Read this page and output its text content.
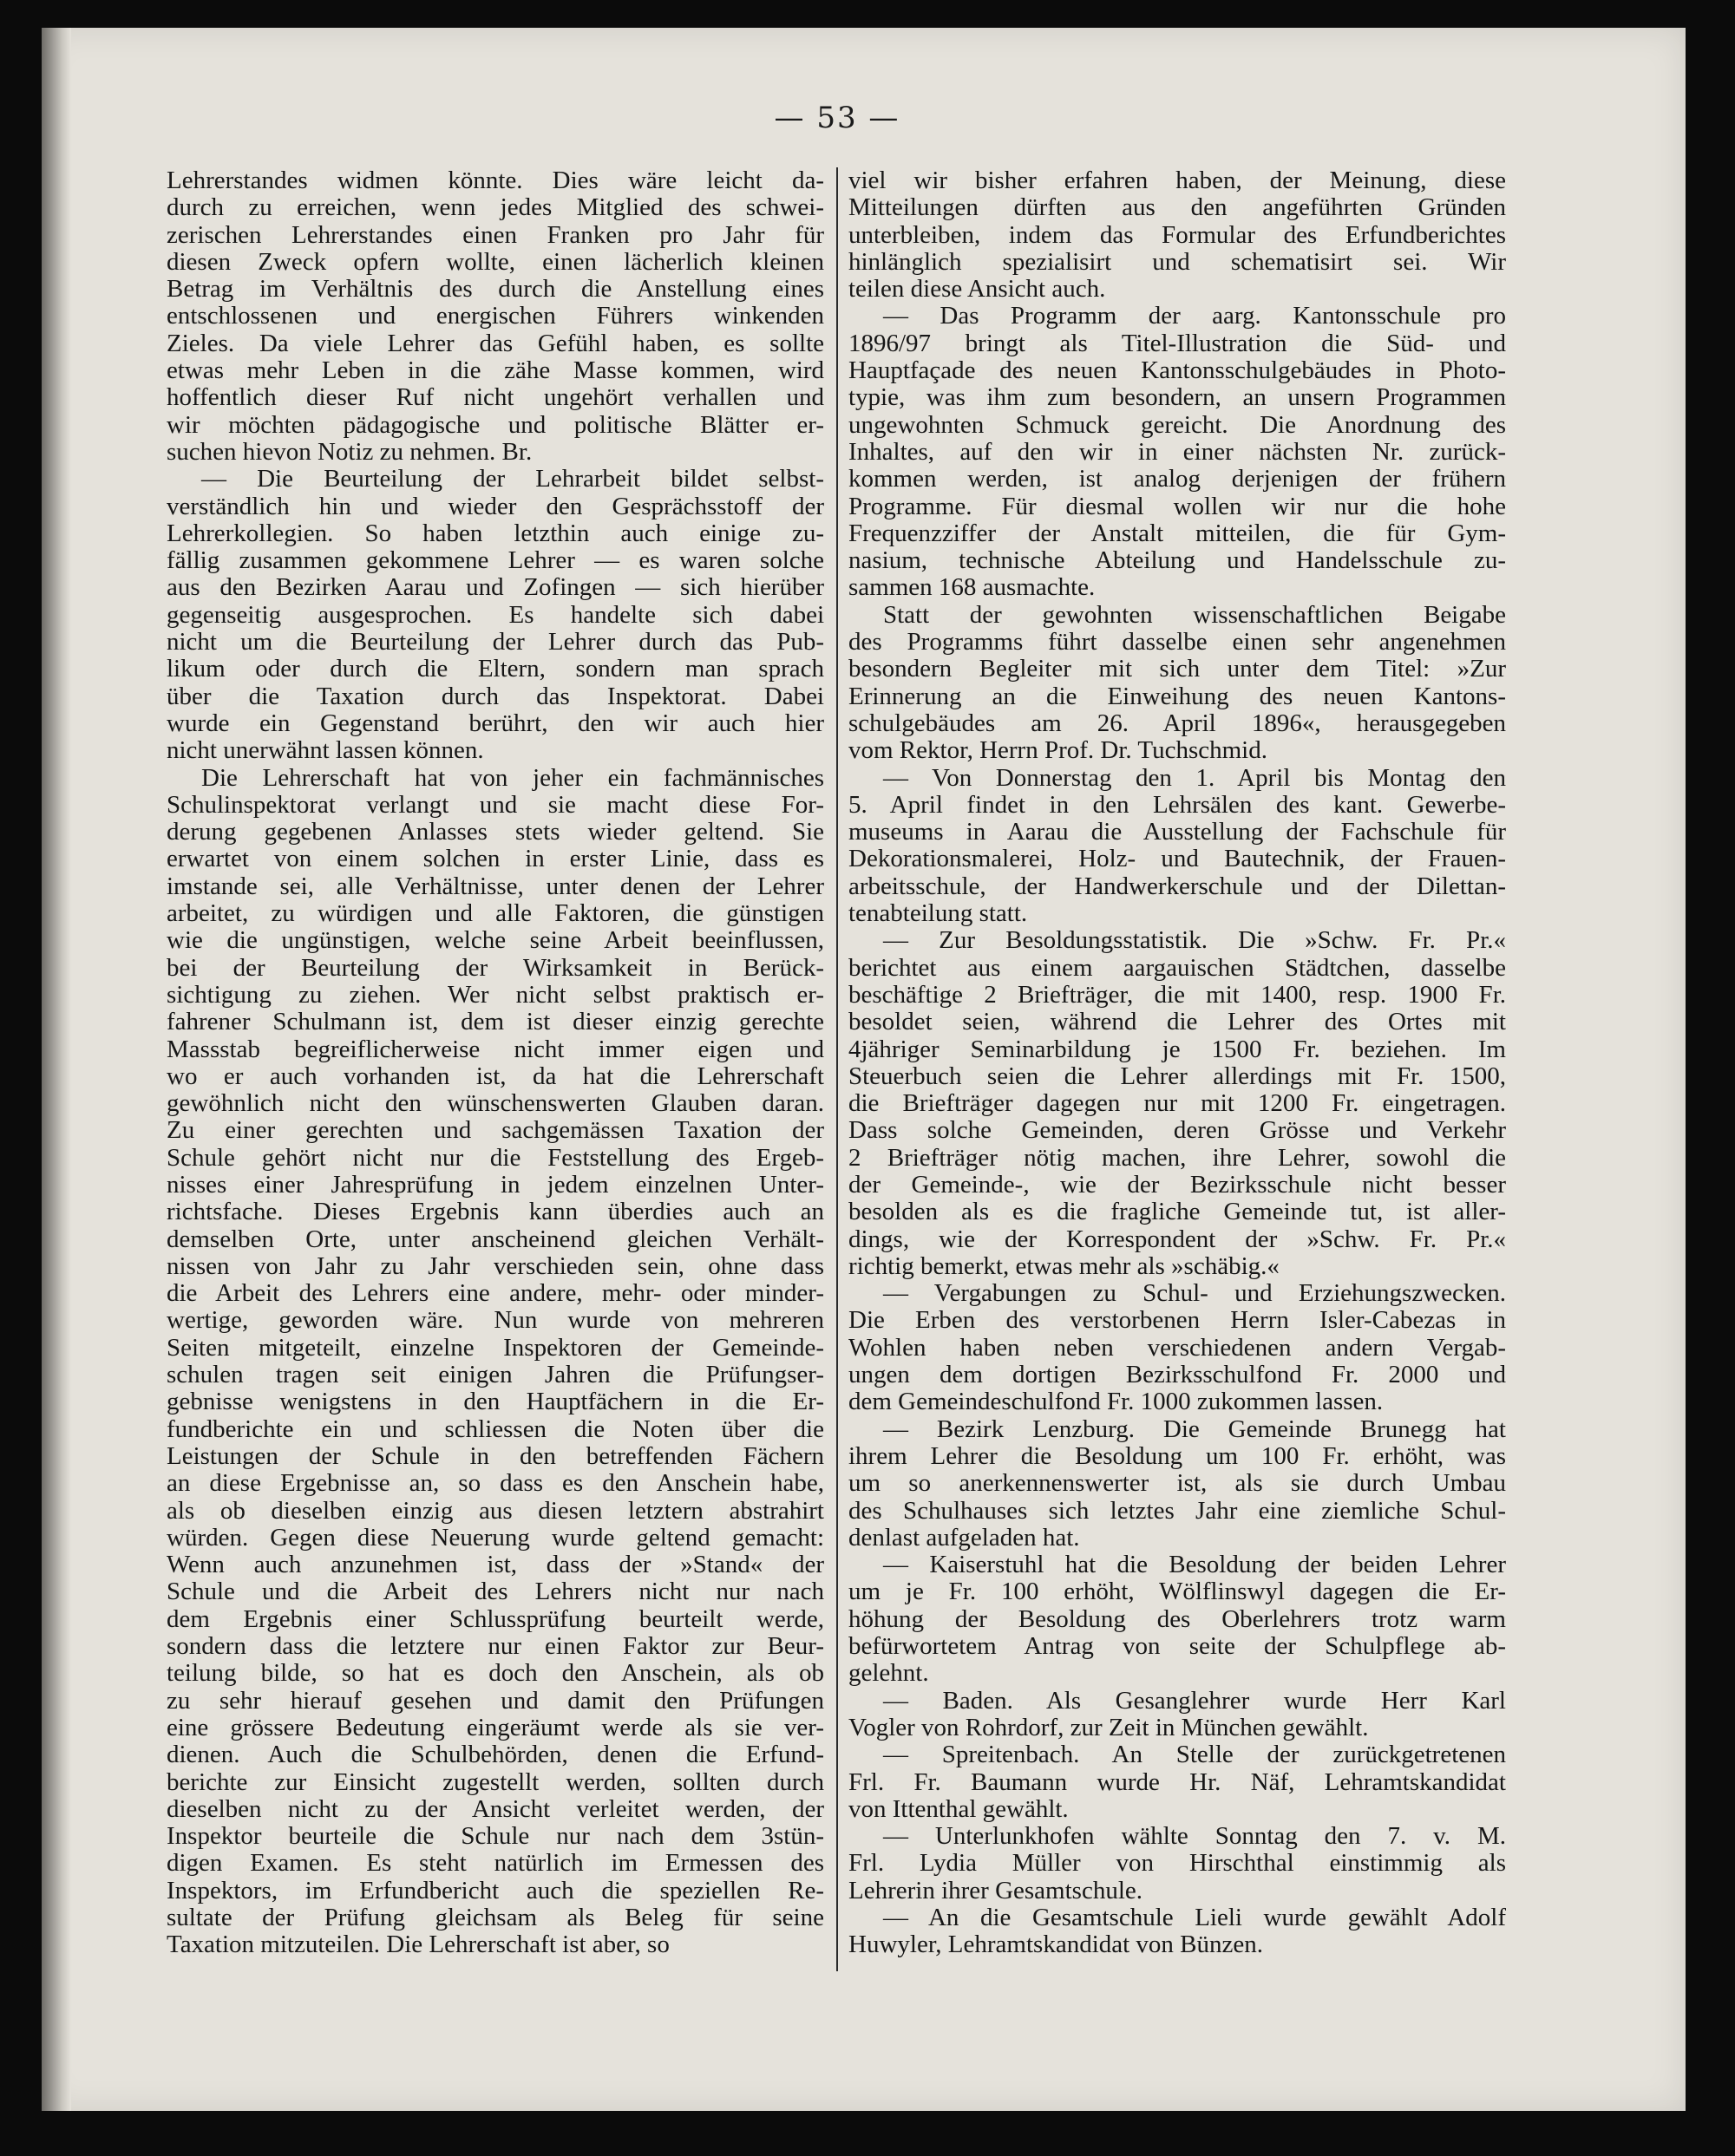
— 53 —
Lehrerstandes widmen könnte. Dies wäre leicht da-
durch zu erreichen, wenn jedes Mitglied des schwei-
zerischen Lehrerstandes einen Franken pro Jahr für
diesen Zweck opfern wollte, einen lächerlich kleinen
Betrag im Verhältnis des durch die Anstellung eines
entschlossenen und energischen Führers winkenden
Zieles. Da viele Lehrer das Gefühl haben, es sollte
etwas mehr Leben in die zähe Masse kommen, wird
hoffentlich dieser Ruf nicht ungehört verhallen und
wir möchten pädagogische und politische Blätter er-
suchen hievon Notiz zu nehmen. Br.
— Die Beurteilung der Lehrarbeit bildet selbst-
verständlich hin und wieder den Gesprächsstoff der
Lehrerkollegien. So haben letzthin auch einige zu-
fällig zusammen gekommene Lehrer — es waren solche
aus den Bezirken Aarau und Zofingen — sich hierüber
gegenseitig ausgesprochen. Es handelte sich dabei
nicht um die Beurteilung der Lehrer durch das Pub-
likum oder durch die Eltern, sondern man sprach
über die Taxation durch das Inspektorat. Dabei
wurde ein Gegenstand berührt, den wir auch hier
nicht unerwähnt lassen können.
Die Lehrerschaft hat von jeher ein fachmännisches
Schulinspektorat verlangt und sie macht diese For-
derung gegebenen Anlasses stets wieder geltend. Sie
erwartet von einem solchen in erster Linie, dass es
imstande sei, alle Verhältnisse, unter denen der Lehrer
arbeitet, zu würdigen und alle Faktoren, die günstigen
wie die ungünstigen, welche seine Arbeit beeinflussen,
bei der Beurteilung der Wirksamkeit in Berück-
sichtigung zu ziehen. Wer nicht selbst praktisch er-
fahrener Schulmann ist, dem ist dieser einzig gerechte
Massstab begreiflicherweise nicht immer eigen und
wo er auch vorhanden ist, da hat die Lehrerschaft
gewöhnlich nicht den wünschenswerten Glauben daran.
Zu einer gerechten und sachgemässen Taxation der
Schule gehört nicht nur die Feststellung des Ergeb-
nisses einer Jahresprüfung in jedem einzelnen Unter-
richtsfache. Dieses Ergebnis kann überdies auch an
demselben Orte, unter anscheinend gleichen Verhält-
nissen von Jahr zu Jahr verschieden sein, ohne dass
die Arbeit des Lehrers eine andere, mehr- oder minder-
wertige, geworden wäre. Nun wurde von mehreren
Seiten mitgeteilt, einzelne Inspektoren der Gemeinde-
schulen tragen seit einigen Jahren die Prüfungser-
gebnisse wenigstens in den Hauptfächern in die Er-
fundberichte ein und schliessen die Noten über die
Leistungen der Schule in den betreffenden Fächern
an diese Ergebnisse an, so dass es den Anschein habe,
als ob dieselben einzig aus diesen letztern abstrahirt
würden. Gegen diese Neuerung wurde geltend gemacht:
Wenn auch anzunehmen ist, dass der »Stand« der
Schule und die Arbeit des Lehrers nicht nur nach
dem Ergebnis einer Schlussprüfung beurteilt werde,
sondern dass die letztere nur einen Faktor zur Beur-
teilung bilde, so hat es doch den Anschein, als ob
zu sehr hierauf gesehen und damit den Prüfungen
eine grössere Bedeutung eingeräumt werde als sie ver-
dienen. Auch die Schulbehörden, denen die Erfund-
berichte zur Einsicht zugestellt werden, sollten durch
dieselben nicht zu der Ansicht verleitet werden, der
Inspektor beurteile die Schule nur nach dem 3stün-
digen Examen. Es steht natürlich im Ermessen des
Inspektors, im Erfundbericht auch die speziellen Re-
sultate der Prüfung gleichsam als Beleg für seine
Taxation mitzuteilen. Die Lehrerschaft ist aber, so
viel wir bisher erfahren haben, der Meinung, diese
Mitteilungen dürften aus den angeführten Gründen
unterbleiben, indem das Formular des Erfundberichtes
hinlänglich spezialisirt und schematisirt sei. Wir
teilen diese Ansicht auch.
— Das Programm der aarg. Kantonsschule pro
1896/97 bringt als Titel-Illustration die Süd- und
Hauptfaçade des neuen Kantonsschulgebäudes in Photo-
typie, was ihm zum besondern, an unsern Programmen
ungewohnten Schmuck gereicht. Die Anordnung des
Inhaltes, auf den wir in einer nächsten Nr. zurück-
kommen werden, ist analog derjenigen der frühern
Programme. Für diesmal wollen wir nur die hohe
Frequenzziffer der Anstalt mitteilen, die für Gym-
nasium, technische Abteilung und Handelsschule zu-
sammen 168 ausmachte.
Statt der gewohnten wissenschaftlichen Beigabe
des Programms führt dasselbe einen sehr angenehmen
besondern Begleiter mit sich unter dem Titel: »Zur
Erinnerung an die Einweihung des neuen Kantons-
schulgebäudes am 26. April 1896«, herausgegeben
vom Rektor, Herrn Prof. Dr. Tuchschmid.
— Von Donnerstag den 1. April bis Montag den
5. April findet in den Lehrsälen des kant. Gewerbe-
museums in Aarau die Ausstellung der Fachschule für
Dekorationsmalerei, Holz- und Bautechnik, der Frauen-
arbeitsschule, der Handwerkerschule und der Dilettan-
tenabteilung statt.
— Zur Besoldungsstatistik. Die »Schw. Fr. Pr.«
berichtet aus einem aargauischen Städtchen, dasselbe
beschäftige 2 Briefträger, die mit 1400, resp. 1900 Fr.
besoldet seien, während die Lehrer des Ortes mit
4jähriger Seminarbildung je 1500 Fr. beziehen. Im
Steuerbuch seien die Lehrer allerdings mit Fr. 1500,
die Briefträger dagegen nur mit 1200 Fr. eingetragen.
Dass solche Gemeinden, deren Grösse und Verkehr
2 Briefträger nötig machen, ihre Lehrer, sowohl die
der Gemeinde-, wie der Bezirksschule nicht besser
besolden als es die fragliche Gemeinde tut, ist aller-
dings, wie der Korrespondent der »Schw. Fr. Pr.«
richtig bemerkt, etwas mehr als »schäbig.«
— Vergabungen zu Schul- und Erziehungszwecken.
Die Erben des verstorbenen Herrn Isler-Cabezas in
Wohlen haben neben verschiedenen andern Vergab-
ungen dem dortigen Bezirksschulfond Fr. 2000 und
dem Gemeindeschulfond Fr. 1000 zukommen lassen.
— Bezirk Lenzburg. Die Gemeinde Brunegg hat
ihrem Lehrer die Besoldung um 100 Fr. erhöht, was
um so anerkennenswerter ist, als sie durch Umbau
des Schulhauses sich letztes Jahr eine ziemliche Schul-
denlast aufgeladen hat.
— Kaiserstuhl hat die Besoldung der beiden Lehrer
um je Fr. 100 erhöht, Wölflinswyl dagegen die Er-
höhung der Besoldung des Oberlehrers trotz warm
befürwortetem Antrag von seite der Schulpflege ab-
gelehnt.
— Baden. Als Gesanglehrer wurde Herr Karl
Vogler von Rohrdorf, zur Zeit in München gewählt.
— Spreitenbach. An Stelle der zurückgetretenen
Frl. Fr. Baumann wurde Hr. Näf, Lehramtskandidat
von Ittenthal gewählt.
— Unterlunkhofen wählte Sonntag den 7. v. M.
Frl. Lydia Müller von Hirschthal einstimmig als
Lehrerin ihrer Gesamtschule.
— An die Gesamtschule Lieli wurde gewählt Adolf
Huwyler, Lehramtskandidat von Bünzen.
